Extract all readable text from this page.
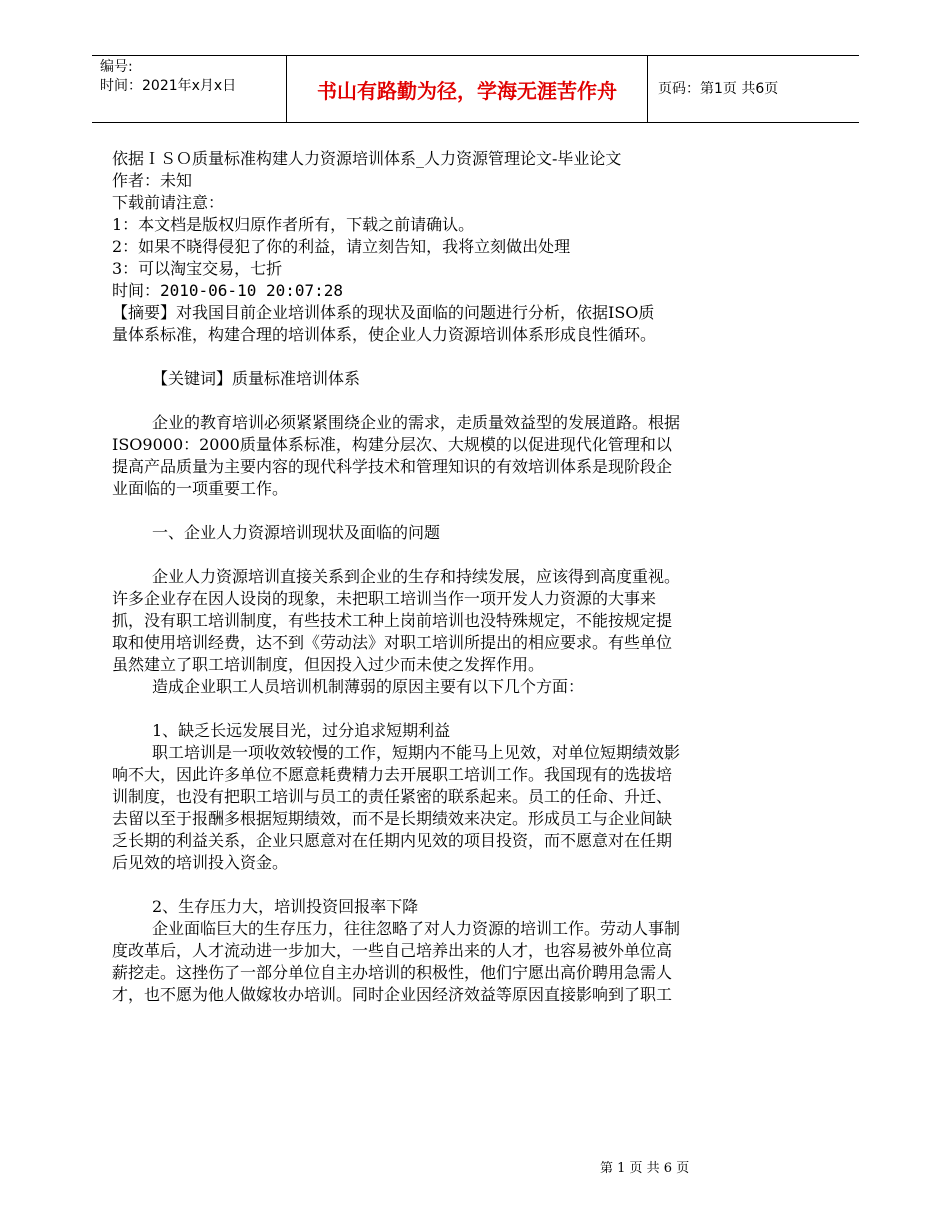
编号:
时间：2021年x月x日	书山有路勤为径，学海无涯苦作舟	页码：第1页 共6页

依据ＩＳＯ质量标准构建人力资源培训体系_人力资源管理论文-毕业论文

作者：未知

下载前请注意：

1：本文档是版权归原作者所有，下载之前请确认。

2：如果不晓得侵犯了你的利益，请立刻告知，我将立刻做出处理

3：可以淘宝交易，七折

时间：2010-06-10 20:07:28

【摘要】对我国目前企业培训体系的现状及面临的问题进行分析，依据ISO质

量体系标准，构建合理的培训体系，使企业人力资源培训体系形成良性循环。

【关键词】质量标准培训体系

企业的教育培训必须紧紧围绕企业的需求，走质量效益型的发展道路。根据

ISO9000：2000质量体系标准，构建分层次、大规模的以促进现代化管理和以

提高产品质量为主要内容的现代科学技术和管理知识的有效培训体系是现阶段企

业面临的一项重要工作。

一、企业人力资源培训现状及面临的问题

企业人力资源培训直接关系到企业的生存和持续发展，应该得到高度重视。

许多企业存在因人设岗的现象，未把职工培训当作一项开发人力资源的大事来

抓，没有职工培训制度，有些技术工种上岗前培训也没特殊规定，不能按规定提

取和使用培训经费，达不到《劳动法》对职工培训所提出的相应要求。有些单位

虽然建立了职工培训制度，但因投入过少而未使之发挥作用。

造成企业职工人员培训机制薄弱的原因主要有以下几个方面：

1、缺乏长远发展目光，过分追求短期利益

职工培训是一项收效较慢的工作，短期内不能马上见效，对单位短期绩效影

响不大，因此许多单位不愿意耗费精力去开展职工培训工作。我国现有的选拔培

训制度，也没有把职工培训与员工的责任紧密的联系起来。员工的任命、升迁、

去留以至于报酬多根据短期绩效，而不是长期绩效来决定。形成员工与企业间缺

乏长期的利益关系，企业只愿意对在任期内见效的项目投资，而不愿意对在任期

后见效的培训投入资金。

2、生存压力大，培训投资回报率下降

企业面临巨大的生存压力，往往忽略了对人力资源的培训工作。劳动人事制

度改革后，人才流动进一步加大，一些自己培养出来的人才，也容易被外单位高

薪挖走。这挫伤了一部分单位自主办培训的积极性，他们宁愿出高价聘用急需人

才，也不愿为他人做嫁妆办培训。同时企业因经济效益等原因直接影响到了职工

第 1 页 共 6 页
